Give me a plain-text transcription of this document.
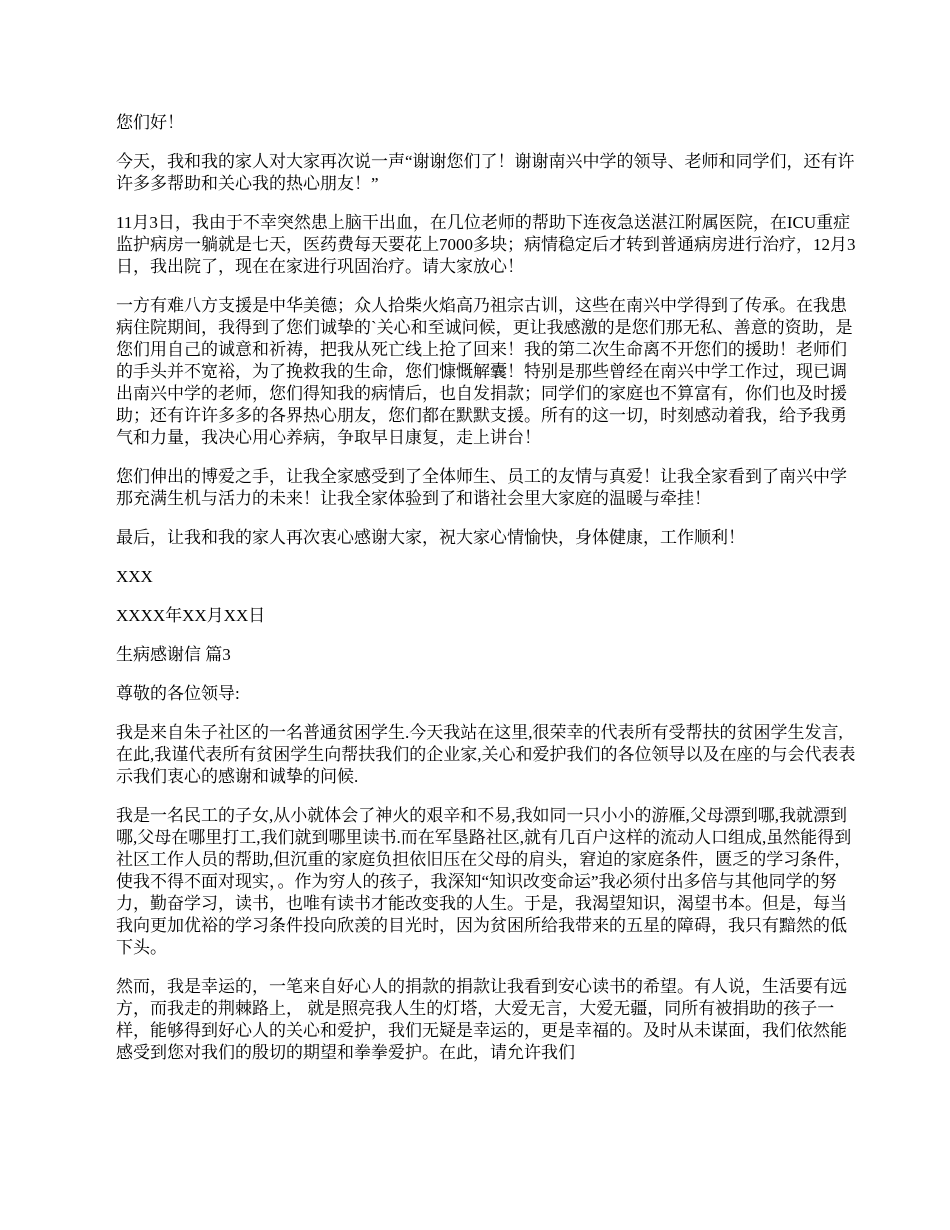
您们好！

今天，我和我的家人对大家再次说一声“谢谢您们了！谢谢南兴中学的领导、老师和同学们，还有许许多多帮助和关心我的热心朋友！”

11月3日，我由于不幸突然患上脑干出血，在几位老师的帮助下连夜急送湛江附属医院，在ICU重症监护病房一躺就是七天，医药费每天要花上7000多块；病情稳定后才转到普通病房进行治疗，12月3日，我出院了，现在在家进行巩固治疗。请大家放心！

一方有难八方支援是中华美德；众人拾柴火焰高乃祖宗古训，这些在南兴中学得到了传承。在我患病住院期间，我得到了您们诚挚的`关心和至诚问候，更让我感激的是您们那无私、善意的资助，是您们用自己的诚意和祈祷，把我从死亡线上抢了回来！我的第二次生命离不开您们的援助！老师们的手头并不宽裕，为了挽救我的生命，您们慷慨解囊！特别是那些曾经在南兴中学工作过，现已调出南兴中学的老师，您们得知我的病情后，也自发捐款；同学们的家庭也不算富有，你们也及时援助；还有许许多多的各界热心朋友，您们都在默默支援。所有的这一切，时刻感动着我，给予我勇气和力量，我决心用心养病，争取早日康复，走上讲台！

您们伸出的博爱之手，让我全家感受到了全体师生、员工的友情与真爱！让我全家看到了南兴中学那充满生机与活力的未来！让我全家体验到了和谐社会里大家庭的温暖与牵挂！

最后，让我和我的家人再次衷心感谢大家，祝大家心情愉快，身体健康，工作顺利！

XXX

XXXX年XX月XX日

生病感谢信 篇3

尊敬的各位领导:

我是来自朱子社区的一名普通贫困学生.今天我站在这里,很荣幸的代表所有受帮扶的贫困学生发言,在此,我谨代表所有贫困学生向帮扶我们的企业家,关心和爱护我们的各位领导以及在座的与会代表表示我们衷心的感谢和诚挚的问候.

我是一名民工的子女,从小就体会了神火的艰辛和不易,我如同一只小小的游雁,父母漂到哪,我就漂到哪,父母在哪里打工,我们就到哪里读书.而在军垦路社区,就有几百户这样的流动人口组成,虽然能得到社区工作人员的帮助,但沉重的家庭负担依旧压在父母的肩头，窘迫的家庭条件，匮乏的学习条件，使我不得不面对现实，。作为穷人的孩子，我深知“知识改变命运”我必须付出多倍与其他同学的努力，勤奋学习，读书，也唯有读书才能改变我的人生。于是，我渴望知识，渴望书本。但是，每当我向更加优裕的学习条件投向欣羡的目光时，因为贫困所给我带来的五星的障碍，我只有黯然的低下头。

然而，我是幸运的，一笔来自好心人的捐款的捐款让我看到安心读书的希望。有人说，生活要有远方，而我走的荆棘路上， 就是照亮我人生的灯塔，大爱无言，大爱无疆，同所有被捐助的孩子一样，能够得到好心人的关心和爱护，我们无疑是幸运的，更是幸福的。及时从未谋面，我们依然能感受到您对我们的殷切的期望和拳拳爱护。在此，请允许我们
